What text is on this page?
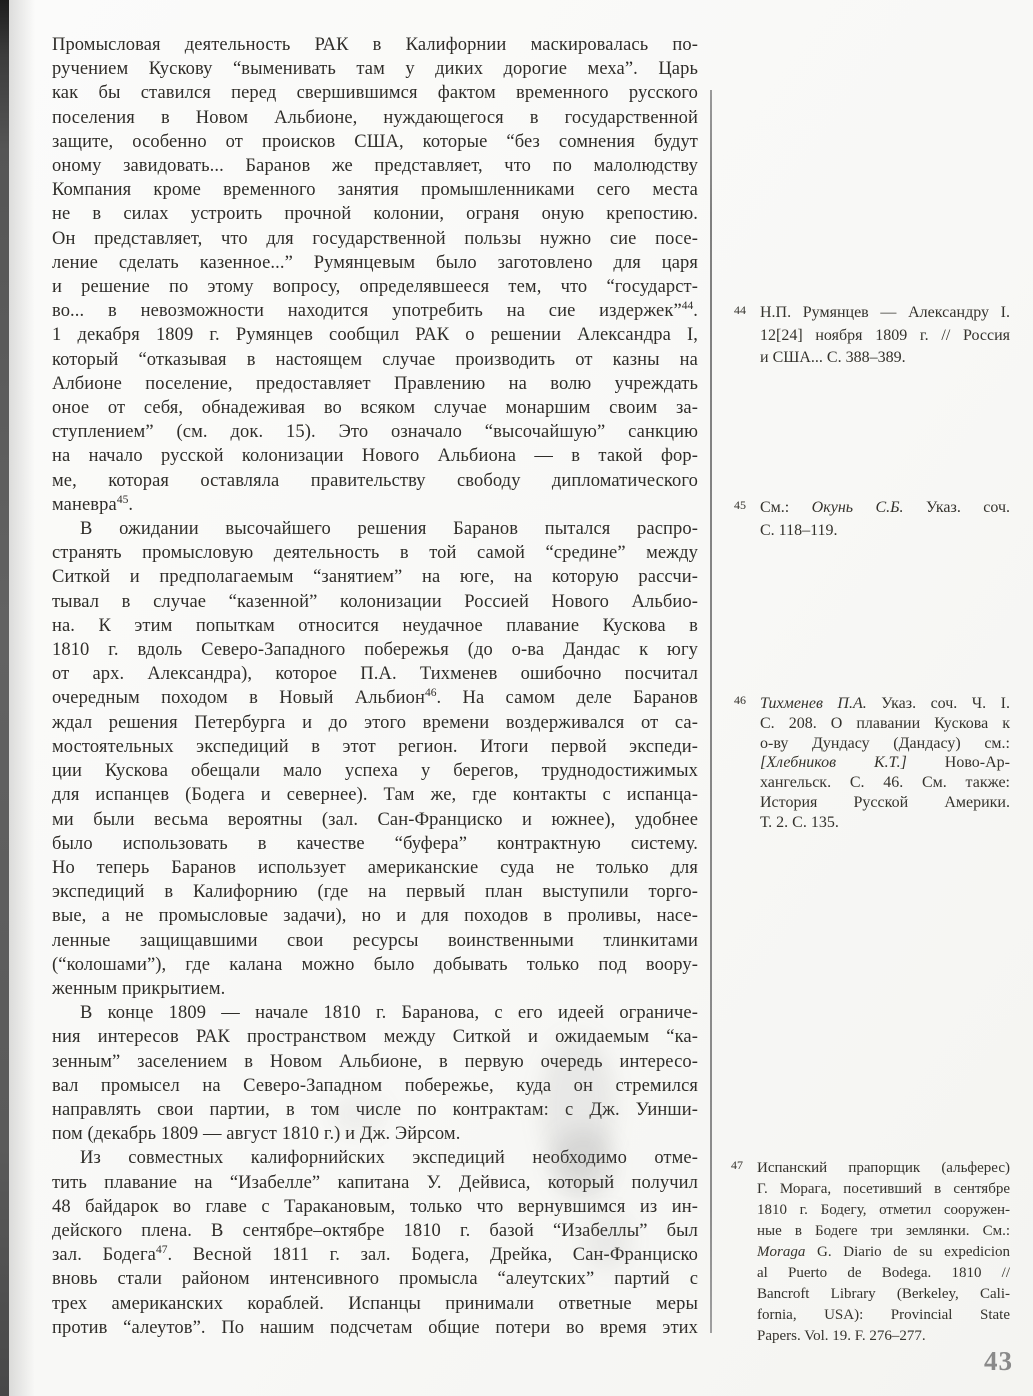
Промысловая деятельность РАК в Калифорнии маскировалась по-
ручением Кускову “выменивать там у диких дорогие меха”. Царь
как бы ставился перед свершившимся фактом временного русского
поселения в Новом Альбионе, нуждающегося в государственной
защите, особенно от происков США, которые “без сомнения будут
оному завидовать... Баранов же представляет, что по малолюдству
Компания кроме временного занятия промышленниками сего места
не в силах устроить прочной колонии, ограня оную крепостию.
Он представляет, что для государственной пользы нужно сие посе-
ление сделать казенное...” Румянцевым было заготовлено для царя
и решение по этому вопросу, определявшееся тем, что “государст-
во... в невозможности находится употребить на сие издержек”$^{44}$.
1 декабря 1809 г. Румянцев сообщил РАК о решении Александра I,
который “отказывая в настоящем случае производить от казны на
Албионе поселение, предоставляет Правлению на волю учреждать
оное от себя, обнадеживая во всяком случае монаршим своим за-
ступлением” (см. док. 15). Это означало “высочайшую” санкцию
на начало русской колонизации Нового Альбиона — в такой фор-
ме, которая оставляла правительству свободу дипломатического
маневра$^{45}$.
В ожидании высочайшего решения Баранов пытался распро-
странять промысловую деятельность в той самой “средине” между
Ситкой и предполагаемым “занятием” на юге, на которую рассчи-
тывал в случае “казенной” колонизации Россией Нового Альбио-
на. К этим попыткам относится неудачное плавание Кускова в
1810 г. вдоль Северо-Западного побережья (до о-ва Дандас к югу
от арх. Александра), которое П.А. Тихменев ошибочно посчитал
очередным походом в Новый Альбион$^{46}$. На самом деле Баранов
ждал решения Петербурга и до этого времени воздерживался от са-
мостоятельных экспедиций в этот регион. Итоги первой экспеди-
ции Кускова обещали мало успеха у берегов, труднодостижимых
для испанцев (Бодега и севернее). Там же, где контакты с испанца-
ми были весьма вероятны (зал. Сан-Франциско и южнее), удобнее
было использовать в качестве “буфера” контрактную систему.
Но теперь Баранов использует американские суда не только для
экспедиций в Калифорнию (где на первый план выступили торго-
вые, а не промысловые задачи), но и для походов в проливы, насе-
ленные защищавшими свои ресурсы воинственными тлинкитами
(“колошами”), где калана можно было добывать только под воору-
женным прикрытием.
В конце 1809 — начале 1810 г. Баранова, с его идеей ограниче-
ния интересов РАК пространством между Ситкой и ожидаемым “ка-
зенным” заселением в Новом Альбионе, в первую очередь интересо-
вал промысел на Северо-Западном побережье, куда он стремился
направлять свои партии, в том числе по контрактам: с Дж. Уинши-
пом (декабрь 1809 — август 1810 г.) и Дж. Эйрсом.
Из совместных калифорнийских экспедиций необходимо отме-
тить плавание на “Изабелле” капитана У. Дейвиса, который получил
48 байдарок во главе с Таракановым, только что вернувшимся из ин-
дейского плена. В сентябре–октябре 1810 г. базой “Изабеллы” был
зал. Бодега$^{47}$. Весной 1811 г. зал. Бодега, Дрейка, Сан-Франциско
вновь стали районом интенсивного промысла “алеутских” партий с
трех американских кораблей. Испанцы принимали ответные меры
против “алеутов”. По нашим подсчетам общие потери во время этих
44 Н.П. Румянцев — Александру I.
12[24] ноября 1809 г. // Россия
и США... С. 388–389.
45 См.: Окунь С.Б. Указ. соч.
С. 118–119.
46 Тихменев П.А. Указ. соч. Ч. I.
С. 208. О плавании Кускова к
о-ву Дундасу (Дандасу) см.:
[Хлебников К.Т.] Ново-Ар-
хангельск. С. 46. См. также:
История Русской Америки.
Т. 2. С. 135.
47 Испанский прапорщик (альферес)
Г. Морага, посетивший в сентябре
1810 г. Бодегу, отметил сооружен-
ные в Бодеге три землянки. См.:
Moraga G. Diario de su expedicion
al Puerto de Bodega. 1810 //
Bancroft Library (Berkeley, Cali-
fornia, USA): Provincial State
Papers. Vol. 19. F. 276–277.
43
